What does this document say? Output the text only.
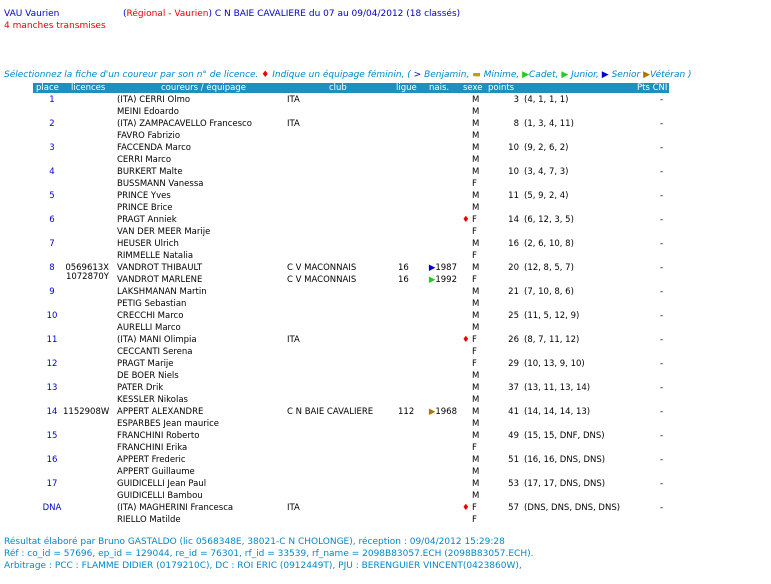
VAU Vaurien	(Régional - Vaurien) C N BAIE CAVALIERE du 07 au 09/04/2012 (18 classés)
4 manches transmises
Sélectionnez la fiche d'un coureur par son n° de licence. ♦ Indique un équipage féminin, ( > Benjamin, ▬ Minime, ▶Cadet, ▶ Junior, ▶ Senior ▶Vétéran )
place licences	coureurs / équipage	club	ligue nais. sexe points	Pts CNI
1	(ITA) CERRI Olmo	ITA	M	3 (4, 1, 1, 1)	-
MEINI Edoardo	M
2	(ITA) ZAMPACAVELLO Francesco	ITA	M	8 (1, 3, 4, 11)	-
FAVRO Fabrizio	M
3	FACCENDA Marco	M	10 (9, 2, 6, 2)	-
CERRI Marco	M
4	BURKERT Malte	M	10 (3, 4, 7, 3)	-
BUSSMANN Vanessa	F
5	PRINCE Yves	M	11 (5, 9, 2, 4)	-
PRINCE Brice	M
6	PRAGT Anniek	♦ F	14 (6, 12, 3, 5)	-
VAN DER MEER Marije	F
7	HEUSER Ulrich	M	16 (2, 6, 10, 8)	-
RIMMELLE Natalia	F
8	0569613X VANDROT THIBAULT	C V MACONNAIS	16	▶1987 M	20 (12, 8, 5, 7)	-
1072870Y VANDROT MARLENE	C V MACONNAIS	16	▶1992 F
9	LAKSHMANAN Martin	M	21 (7, 10, 8, 6)	-
PETIG Sebastian	M
10	CRECCHI Marco	M	25 (11, 5, 12, 9)	-
AURELLI Marco	M
11	(ITA) MANI Olimpia	ITA	♦ F	26 (8, 7, 11, 12)	-
CECCANTI Serena	F
12	PRAGT Marije	F	29 (10, 13, 9, 10)	-
DE BOER Niels	M
13	PATER Drik	M	37 (13, 11, 13, 14)	-
KESSLER Nikolas	M
14 1152908W APPERT ALEXANDRE	C N BAIE CAVALIERE	112	▶1968 M	41 (14, 14, 14, 13)	-
ESPARBES Jean maurice	M
15	FRANCHINI Roberto	M	49 (15, 15, DNF, DNS)	-
FRANCHINI Erika	F
16	APPERT Frederic	M	51 (16, 16, DNS, DNS)	-
APPERT Guillaume	M
17	GUIDICELLI Jean Paul	M	53 (17, 17, DNS, DNS)	-
GUIDICELLI Bambou	M
DNA	(ITA) MAGHERINI Francesca	ITA	♦ F	57 (DNS, DNS, DNS, DNS)	-
RIELLO Matilde	F
Résultat élaboré par Bruno GASTALDO (lic 0568348E, 38021-C N CHOLONGE), réception : 09/04/2012 15:29:28
Réf : co_id = 57696, ep_id = 129044, re_id = 76301, rf_id = 33539, rf_name = 2098B83057.ECH (2098B83057.ECH).
Arbitrage : PCC : FLAMME DIDIER (0179210C), DC : ROI ERIC (0912449T), PJU : BERENGUIER VINCENT(0423860W),
